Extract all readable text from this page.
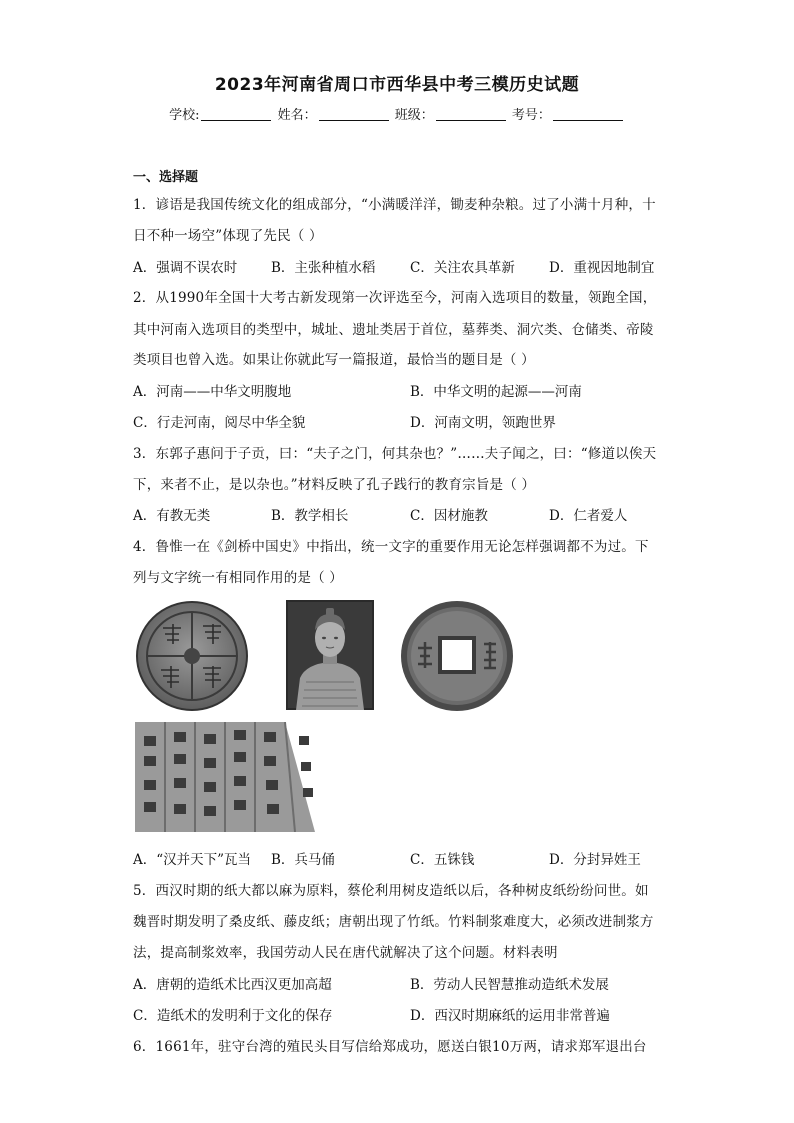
2023年河南省周口市西华县中考三模历史试题
学校:	姓名：	班级：	考号：
一、选择题
1．谚语是我国传统文化的组成部分，“小满暖洋洋，锄麦种杂粮。过了小满十月种，十
日不种一场空”体现了先民（ ）
A．强调不误农时	B．主张种植水稻	C．关注农具革新	D．重视因地制宜
2．从1990年全国十大考古新发现第一次评选至今，河南入选项目的数量，领跑全国，
其中河南入选项目的类型中，城址、遗址类居于首位，墓葬类、洞穴类、仓储类、帝陵
类项目也曾入选。如果让你就此写一篇报道，最恰当的题目是（ ）
A．河南——中华文明腹地	B．中华文明的起源——河南
C．行走河南，阅尽中华全貌	D．河南文明，领跑世界
3．东郭子惠问于子贡，曰：“夫子之门，何其杂也？”……夫子闻之，曰：“修道以俟天
下，来者不止，是以杂也。”材料反映了孔子践行的教育宗旨是（ ）
A．有教无类	B．教学相长	C．因材施教	D．仁者爱人
4．鲁惟一在《剑桥中国史》中指出，统一文字的重要作用无论怎样强调都不为过。下
列与文字统一有相同作用的是（ ）
A．“汉并天下”瓦当 B．兵马俑	C．五铢钱	D．分封异姓王
5．西汉时期的纸大都以麻为原料，蔡伦利用树皮造纸以后，各种树皮纸纷纷问世。如
魏晋时期发明了桑皮纸、藤皮纸；唐朝出现了竹纸。竹料制浆难度大，必须改进制浆方
法，提高制浆效率，我国劳动人民在唐代就解决了这个问题。材料表明
A．唐朝的造纸术比西汉更加高超	B．劳动人民智慧推动造纸术发展
C．造纸术的发明利于文化的保存	D．西汉时期麻纸的运用非常普遍
6．1661年，驻守台湾的殖民头目写信给郑成功，愿送白银10万两，请求郑军退出台
